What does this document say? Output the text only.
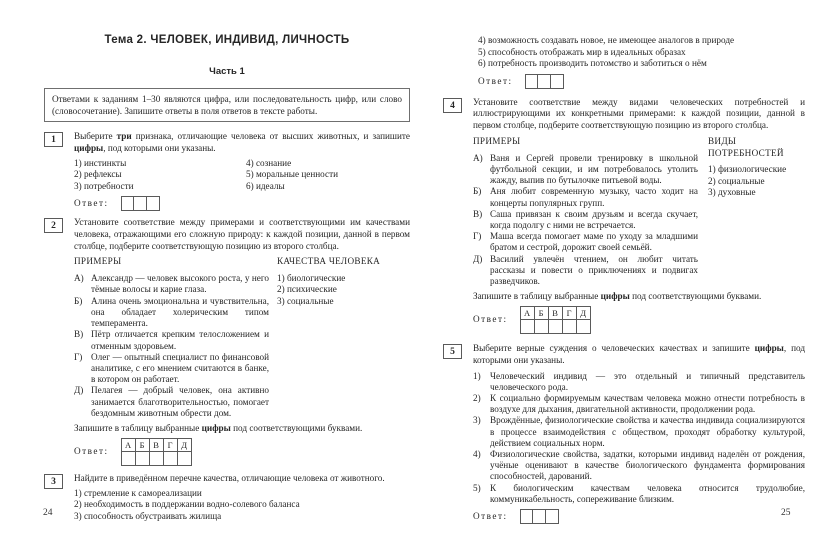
Тема 2. ЧЕЛОВЕК, ИНДИВИД, ЛИЧНОСТЬ
Часть 1
Ответами к заданиям 1–30 являются цифра, или последовательность цифр, или слово (словосочетание). Запишите ответы в поля ответов в тексте работы.
1	Выберите три признака, отличающие человека от высших животных, и запишите цифры, под которыми они указаны.
1) инстинкты
2) рефлексы
3) потребности
4) сознание
5) моральные ценности
6) идеалы
Ответ:
2	Установите соответствие между примерами и соответствующими им качествами человека, отражающими его сложную природу: к каждой позиции, данной в первом столбце, подберите соответствующую позицию из второго столбца.
ПРИМЕРЫ
А) Александр — человек высокого роста, у него тёмные волосы и карие глаза.
Б) Алина очень эмоциональна и чувствительна, она обладает холерическим типом темперамента.
В) Пётр отличается крепким телосложением и отменным здоровьем.
Г) Олег — опытный специалист по финансовой аналитике, с его мнением считаются в банке, в котором он работает.
Д) Пелагея — добрый человек, она активно занимается благотворительностью, помогает бездомным животным обрести дом.
КАЧЕСТВА ЧЕЛОВЕКА
1) биологические
2) психические
3) социальные
Запишите в таблицу выбранные цифры под соответствующими буквами.
Ответ:
А	Б	В	Г	Д

3	Найдите в приведённом перечне качества, отличающие человека от животного.
1) стремление к самореализации
2) необходимость в поддержании водно-солевого баланса
3) способность обустраивать жилища
4) возможность создавать новое, не имеющее аналогов в природе
5) способность отображать мир в идеальных образах
6) потребность производить потомство и заботиться о нём
Ответ:
4	Установите соответствие между видами человеческих потребностей и иллюстрирующими их конкретными примерами: к каждой позиции, данной в первом столбце, подберите соответствующую позицию из второго столбца.
ПРИМЕРЫ
А) Ваня и Сергей провели тренировку в школьной футбольной секции, и им потребовалось утолить жажду, выпив по бутылочке питьевой воды.
Б) Аня любит современную музыку, часто ходит на концерты популярных групп.
В) Саша привязан к своим друзьям и всегда скучает, когда подолгу с ними не встречается.
Г) Маша всегда помогает маме по уходу за младшими братом и сестрой, дорожит своей семьёй.
Д) Василий увлечён чтением, он любит читать рассказы и повести о приключениях и подвигах разведчиков.
ВИДЫ ПОТРЕБНОСТЕЙ
1) физиологические
2) социальные
3) духовные
Запишите в таблицу выбранные цифры под соответствующими буквами.
Ответ:
А	Б	В	Г	Д

5	Выберите верные суждения о человеческих качествах и запишите цифры, под которыми они указаны.
1)	Человеческий индивид — это отдельный и типичный представитель человеческого рода.
2)	К социально формируемым качествам человека можно отнести потребность в воздухе для дыхания, двигательной активности, продолжении рода.
3)	Врождённые, физиологические свойства и качества индивида социализируются в процессе взаимодействия с обществом, проходят обработку культурой, действием социальных норм.
4)	Физиологические свойства, задатки, которыми индивид наделён от рождения, учёные оценивают в качестве биологического фундамента формирования способностей, дарований.
5)	К биологическим качествам человека относится трудолюбие, коммуникабельность, сопереживание близким.
Ответ:
24	25
